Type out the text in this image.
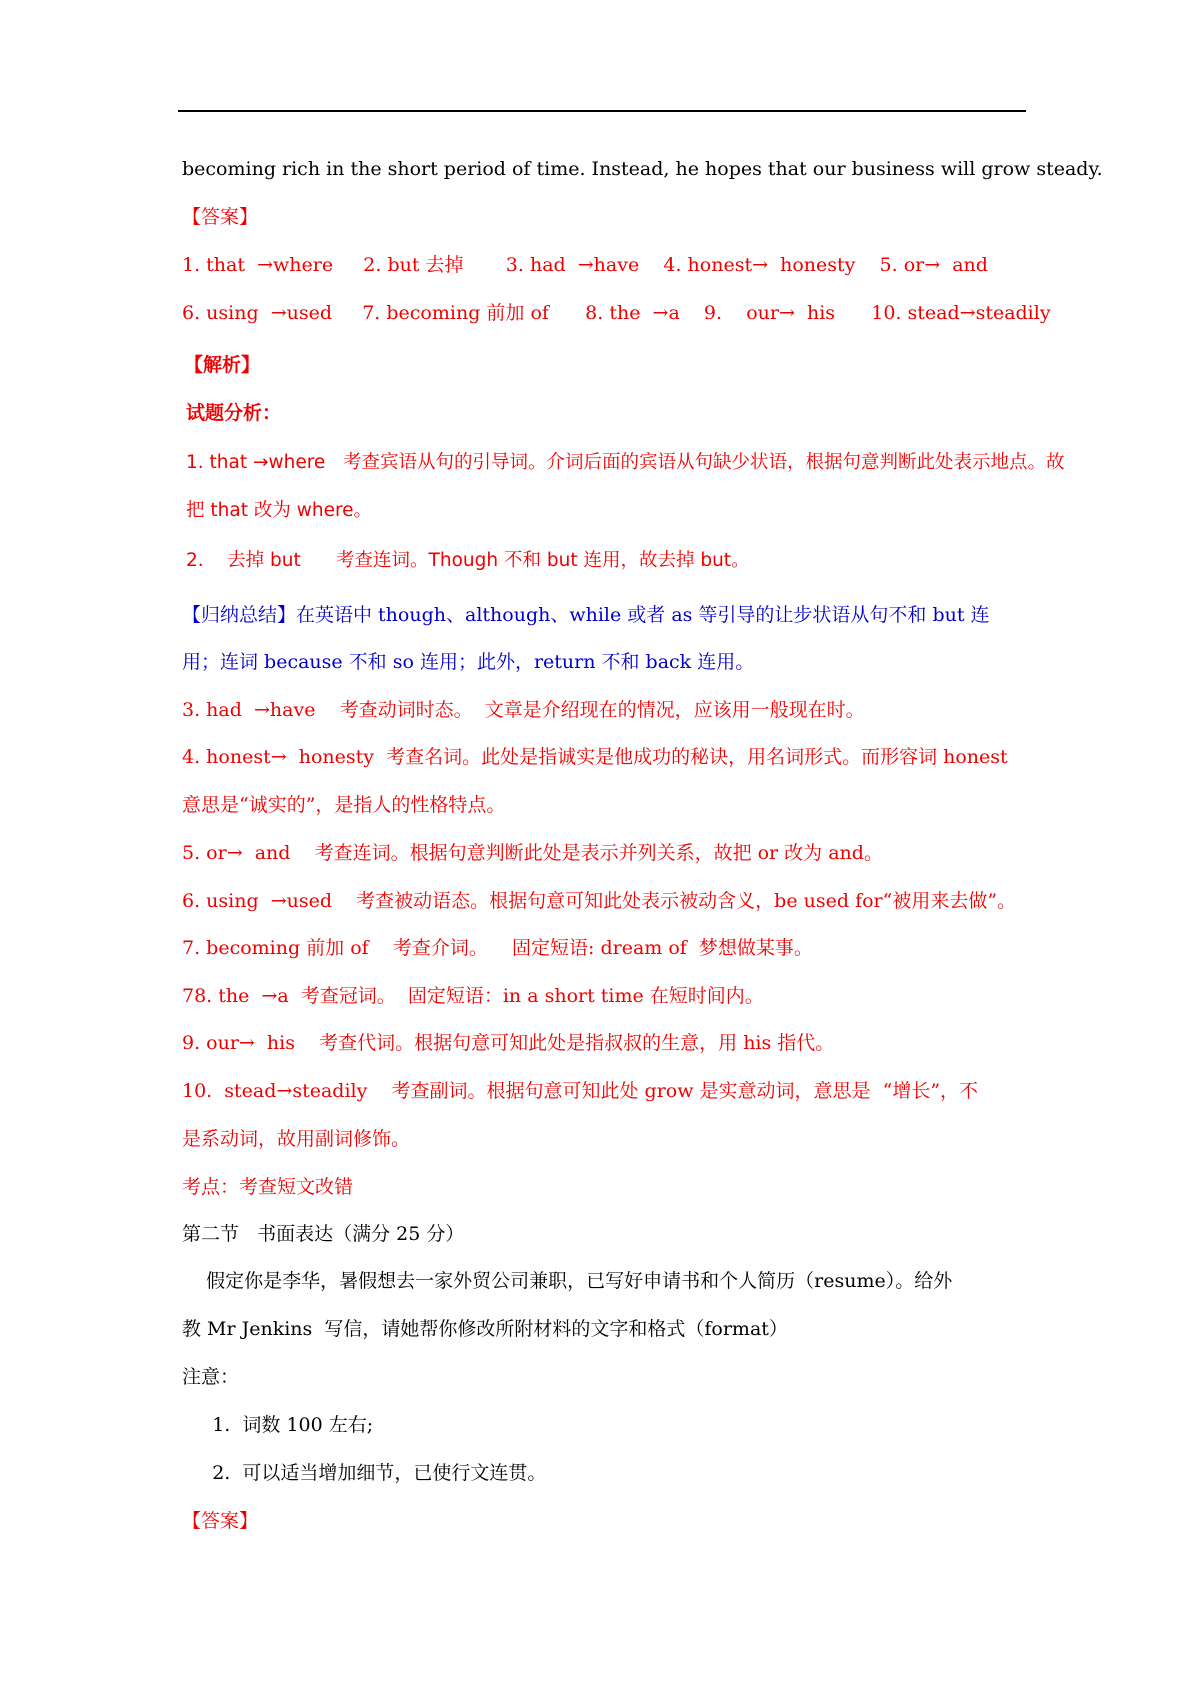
becoming rich in the short period of time. Instead, he hopes that our business will grow steady.
【答案】
1. that  →where     2. but 去掉       3. had  →have    4. honest→  honesty    5. or→  and
6. using  →used     7. becoming 前加 of      8. the  →a    9.    our→  his      10. stead→steadily
【解析】
试题分析：
1. that →where   考查宾语从句的引导词。介词后面的宾语从句缺少状语，根据句意判断此处表示地点。故
把 that 改为 where。
2.    去掉 but      考查连词。Though 不和 but 连用，故去掉 but。
【归纳总结】在英语中 though、although、while 或者 as 等引导的让步状语从句不和 but 连
用；连词 because 不和 so 连用；此外，return 不和 back 连用。
3. had  →have    考查动词时态。  文章是介绍现在的情况，应该用一般现在时。
4. honest→  honesty  考查名词。此处是指诚实是他成功的秘诀，用名词形式。而形容词 honest
意思是“诚实的”，是指人的性格特点。
5. or→  and    考查连词。根据句意判断此处是表示并列关系，故把 or 改为 and。
6. using  →used    考查被动语态。根据句意可知此处表示被动含义，be used for“被用来去做”。
7. becoming 前加 of    考查介词。    固定短语: dream of  梦想做某事。
78. the  →a  考查冠词。  固定短语：in a short time 在短时间内。
9. our→  his    考查代词。根据句意可知此处是指叔叔的生意，用 his 指代。
10.  stead→steadily    考查副词。根据句意可知此处 grow 是实意动词，意思是  “增长”，不
是系动词，故用副词修饰。
考点：考查短文改错
第二节   书面表达（满分 25 分）
假定你是李华，暑假想去一家外贸公司兼职，已写好申请书和个人简历（resume）。给外
教 Mr Jenkins  写信，请她帮你修改所附材料的文字和格式（format）
注意：
1.  词数 100 左右;
2.  可以适当增加细节，已使行文连贯。
【答案】
